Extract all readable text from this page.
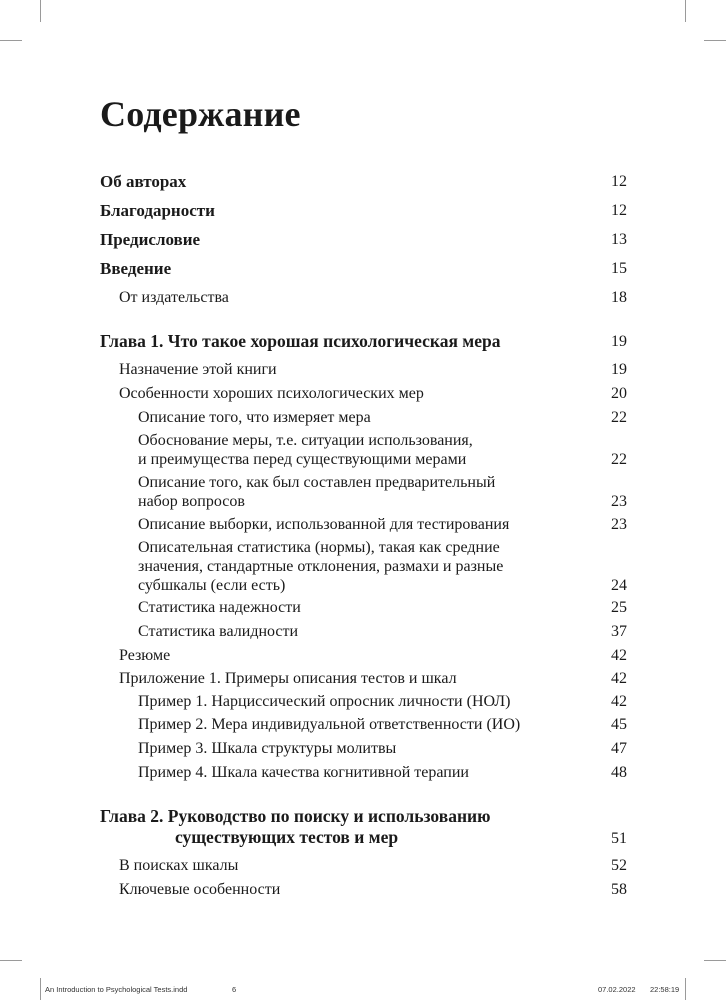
Содержание
Об авторах	12
Благодарности	12
Предисловие	13
Введение	15
От издательства	18
Глава 1. Что такое хорошая психологическая мера	19
Назначение этой книги	19
Особенности хороших психологических мер	20
Описание того, что измеряет мера	22
Обоснование меры, т.е. ситуации использования,
и преимущества перед существующими мерами	22
Описание того, как был составлен предварительный
набор вопросов	23
Описание выборки, использованной для тестирования	23
Описательная статистика (нормы), такая как средние
значения, стандартные отклонения, размахи и разные
субшкалы (если есть)	24
Статистика надежности	25
Статистика валидности	37
Резюме	42
Приложение 1. Примеры описания тестов и шкал	42
Пример 1. Нарциссический опросник личности (НОЛ)	42
Пример 2. Мера индивидуальной ответственности (ИО)	45
Пример 3. Шкала структуры молитвы	47
Пример 4. Шкала качества когнитивной терапии	48
Глава 2. Руководство по поиску и использованию
существующих тестов и мер	51
В поисках шкалы	52
Ключевые особенности	58
An Introduction to Psychological Tests.indd	6	07.02.2022 22:58:19
